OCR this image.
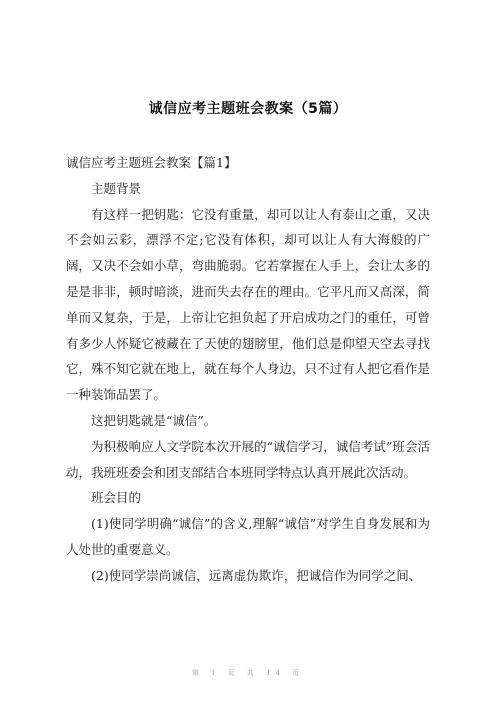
诚信应考主题班会教案（5篇）

诚信应考主题班会教案【篇1】

主题背景

有这样一把钥匙：它没有重量，却可以让人有泰山之重，又决不会如云彩，漂浮不定;它没有体积，却可以让人有大海般的广阔，又决不会如小草，弯曲脆弱。它若掌握在人手上，会让太多的是是非非，顿时暗淡，进而失去存在的理由。它平凡而又高深，简单而又复杂，于是，上帝让它担负起了开启成功之门的重任，可曾有多少人怀疑它被藏在了天使的翅膀里，他们总是仰望天空去寻找它，殊不知它就在地上，就在每个人身边，只不过有人把它看作是一种装饰品罢了。

这把钥匙就是“诚信”。

为积极响应人文学院本次开展的“诚信学习，诚信考试”班会活动，我班班委会和团支部结合本班同学特点认真开展此次活动。

班会目的

(1)使同学明确“诚信”的含义,理解“诚信”对学生自身发展和为人处世的重要意义。

(2)使同学崇尚诚信，远离虚伪欺诈，把诚信作为同学之间、

第 1 页 共 14 页
